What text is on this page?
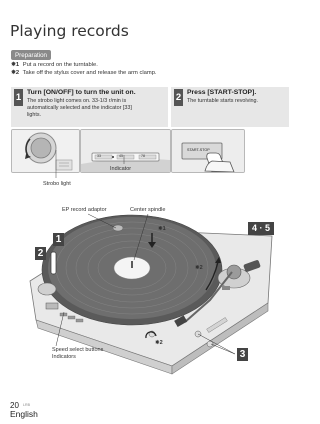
Playing records
Preparation
✵1 Put a record on the turntable.
✵2 Take off the stylus cover and release the arm clamp.
1 Turn [ON/OFF] to turn the unit on.
The strobo light comes on. 33-1/3 r/min is
automatically selected and the indicator [33]
lights.
2 Press [START-STOP].
The turntable starts revolving.
33	45	78
START-STOP
Strobo light
Indicator
EP record adaptor	Center spindle
✵1
✵2
✵2
Speed select buttons
Indicators
1
2
3
4 · 5
20 LRB
English
